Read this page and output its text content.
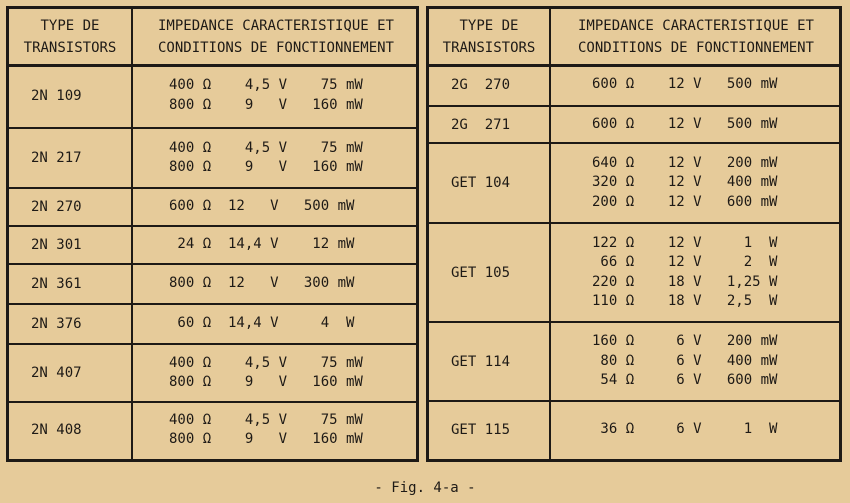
TYPE DE
TRANSISTORS
IMPEDANCE CARACTERISTIQUE ET
CONDITIONS DE FONCTIONNEMENT
2N 109
400 Ω    4,5 V    75 mW
800 Ω    9   V   160 mW
2N 217
400 Ω    4,5 V    75 mW
800 Ω    9   V   160 mW
2N 270	600 Ω  12   V   500 mW
2N 301	24 Ω  14,4 V    12 mW
2N 361	800 Ω  12   V   300 mW
2N 376	60 Ω  14,4 V     4  W
2N 407
400 Ω    4,5 V    75 mW
800 Ω    9   V   160 mW
2N 408
400 Ω    4,5 V    75 mW
800 Ω    9   V   160 mW
TYPE DE
TRANSISTORS
IMPEDANCE CARACTERISTIQUE ET
CONDITIONS DE FONCTIONNEMENT
2G  270	600 Ω    12 V   500 mW
2G  271	600 Ω    12 V   500 mW
GET 104
640 Ω    12 V   200 mW
320 Ω    12 V   400 mW
200 Ω    12 V   600 mW
GET 105
122 Ω    12 V     1  W
66 Ω    12 V     2  W
220 Ω    18 V   1,25 W
110 Ω    18 V   2,5  W
GET 114
160 Ω     6 V   200 mW
80 Ω     6 V   400 mW
54 Ω     6 V   600 mW
GET 115	36 Ω     6 V     1  W
- Fig. 4-a -
